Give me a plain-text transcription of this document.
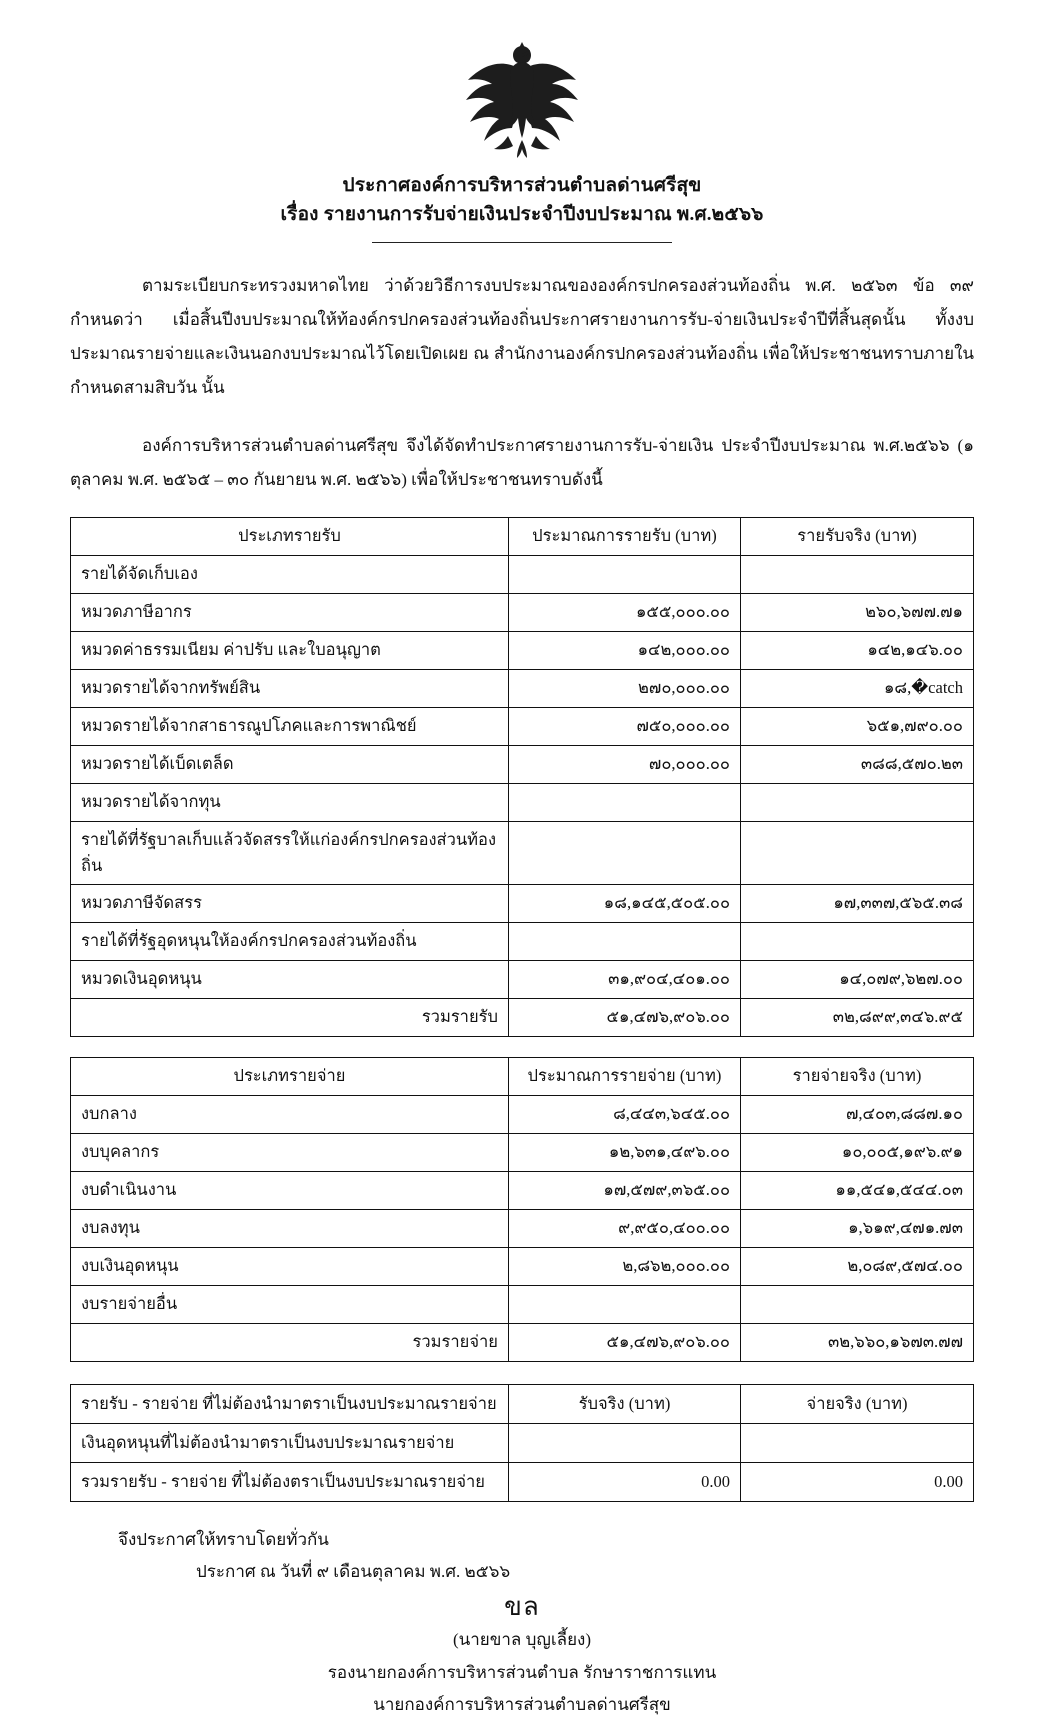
ประกาศองค์การบริหารส่วนตำบลด่านศรีสุข
เรื่อง รายงานการรับจ่ายเงินประจำปีงบประมาณ พ.ศ.๒๕๖๖
ตามระเบียบกระทรวงมหาดไทย ว่าด้วยวิธีการงบประมาณขององค์กรปกครองส่วนท้องถิ่น พ.ศ. ๒๕๖๓ ข้อ ๓๙ กำหนดว่า เมื่อสิ้นปีงบประมาณให้ท้องค์กรปกครองส่วนท้องถิ่นประกาศรายงานการรับ-จ่ายเงินประจำปีที่สิ้นสุดนั้น ทั้งงบประมาณรายจ่ายและเงินนอกงบประมาณไว้โดยเปิดเผย ณ สำนักงานองค์กรปกครองส่วนท้องถิ่น เพื่อให้ประชาชนทราบภายในกำหนดสามสิบวัน นั้น
องค์การบริหารส่วนตำบลด่านศรีสุข จึงได้จัดทำประกาศรายงานการรับ-จ่ายเงิน ประจำปีงบประมาณ พ.ศ.๒๕๖๖ (๑ ตุลาคม พ.ศ. ๒๕๖๕ – ๓๐ กันยายน พ.ศ. ๒๕๖๖) เพื่อให้ประชาชนทราบดังนี้
ประเภทรายรับ	ประมาณการรายรับ (บาท)	รายรับจริง (บาท)
รายได้จัดเก็บเอง		
หมวดภาษีอากร	๑๕๕,๐๐๐.๐๐	๒๖๐,๖๗๗.๗๑
หมวดค่าธรรมเนียม ค่าปรับ และใบอนุญาต	๑๔๒,๐๐๐.๐๐	๑๔๒,๑๔๖.๐๐
หมวดรายได้จากทรัพย์สิน	๒๗๐,๐๐๐.๐๐	๑๘,�catch
หมวดรายได้จากสาธารณูปโภคและการพาณิชย์	๗๕๐,๐๐๐.๐๐	๖๕๑,๗๙๐.๐๐
หมวดรายได้เบ็ดเตล็ด	๗๐,๐๐๐.๐๐	๓๘๘,๕๗๐.๒๓
หมวดรายได้จากทุน		
รายได้ที่รัฐบาลเก็บแล้วจัดสรรให้แก่องค์กรปกครองส่วนท้องถิ่น		
หมวดภาษีจัดสรร	๑๘,๑๔๕,๕๐๕.๐๐	๑๗,๓๓๗,๕๖๕.๓๘
รายได้ที่รัฐอุดหนุนให้องค์กรปกครองส่วนท้องถิ่น		
หมวดเงินอุดหนุน	๓๑,๙๐๔,๔๐๑.๐๐	๑๔,๐๗๙,๖๒๗.๐๐
รวมรายรับ	๕๑,๔๗๖,๙๐๖.๐๐	๓๒,๘๙๙,๓๔๖.๙๕
ประเภทรายจ่าย	ประมาณการรายจ่าย (บาท)	รายจ่ายจริง (บาท)
งบกลาง	๘,๔๔๓,๖๔๕.๐๐	๗,๔๐๓,๘๘๗.๑๐
งบบุคลากร	๑๒,๖๓๑,๔๙๖.๐๐	๑๐,๐๐๕,๑๙๖.๙๑
งบดำเนินงาน	๑๗,๕๗๙,๓๖๕.๐๐	๑๑,๕๔๑,๕๔๔.๐๓
งบลงทุน	๙,๙๕๐,๔๐๐.๐๐	๑,๖๑๙,๔๗๑.๗๓
งบเงินอุดหนุน	๒,๘๖๒,๐๐๐.๐๐	๒,๐๘๙,๕๗๔.๐๐
งบรายจ่ายอื่น		
รวมรายจ่าย	๕๑,๔๗๖,๙๐๖.๐๐	๓๒,๖๖๐,๑๖๗๓.๗๗
รายรับ - รายจ่าย ที่ไม่ต้องนำมาตราเป็นงบประมาณรายจ่าย	รับจริง (บาท)	จ่ายจริง (บาท)
เงินอุดหนุนที่ไม่ต้องนำมาตราเป็นงบประมาณรายจ่าย		
รวมรายรับ - รายจ่าย ที่ไม่ต้องตราเป็นงบประมาณรายจ่าย	0.00	0.00
จึงประกาศให้ทราบโดยทั่วกัน
ประกาศ ณ วันที่ ๙ เดือนตุลาคม พ.ศ. ๒๕๖๖
ขล
(นายขาล บุญเลี้ยง)
รองนายกองค์การบริหารส่วนตำบล รักษาราชการแทน
นายกองค์การบริหารส่วนตำบลด่านศรีสุข
